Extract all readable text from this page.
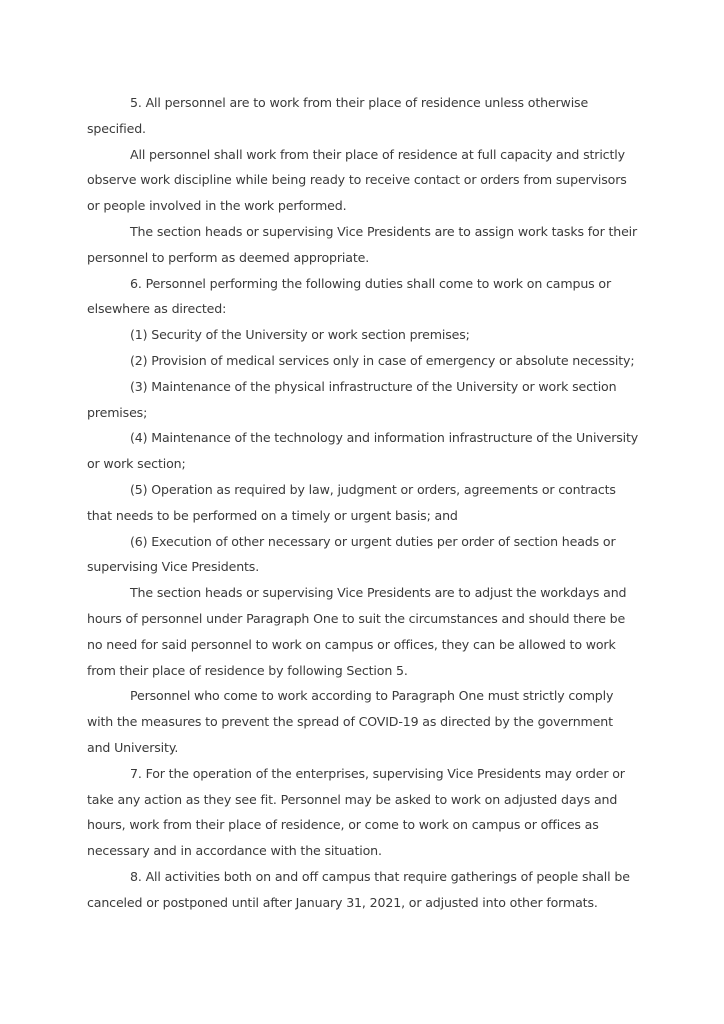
5. All personnel are to work from their place of residence unless otherwise specified.

All personnel shall work from their place of residence at full capacity and strictly observe work discipline while being ready to receive contact or orders from supervisors or people involved in the work performed.

The section heads or supervising Vice Presidents are to assign work tasks for their personnel to perform as deemed appropriate.

6. Personnel performing the following duties shall come to work on campus or elsewhere as directed:

(1) Security of the University or work section premises;

(2) Provision of medical services only in case of emergency or absolute necessity;

(3) Maintenance of the physical infrastructure of the University or work section premises;

(4) Maintenance of the technology and information infrastructure of the University or work section;

(5) Operation as required by law, judgment or orders, agreements or contracts that needs to be performed on a timely or urgent basis; and

(6) Execution of other necessary or urgent duties per order of section heads or supervising Vice Presidents.

The section heads or supervising Vice Presidents are to adjust the workdays and hours of personnel under Paragraph One to suit the circumstances and should there be no need for said personnel to work on campus or offices, they can be allowed to work from their place of residence by following Section 5.

Personnel who come to work according to Paragraph One must strictly comply with the measures to prevent the spread of COVID-19 as directed by the government and University.

7. For the operation of the enterprises, supervising Vice Presidents may order or take any action as they see fit. Personnel may be asked to work on adjusted days and hours, work from their place of residence, or come to work on campus or offices as necessary and in accordance with the situation.

8. All activities both on and off campus that require gatherings of people shall be canceled or postponed until after January 31, 2021, or adjusted into other formats.
